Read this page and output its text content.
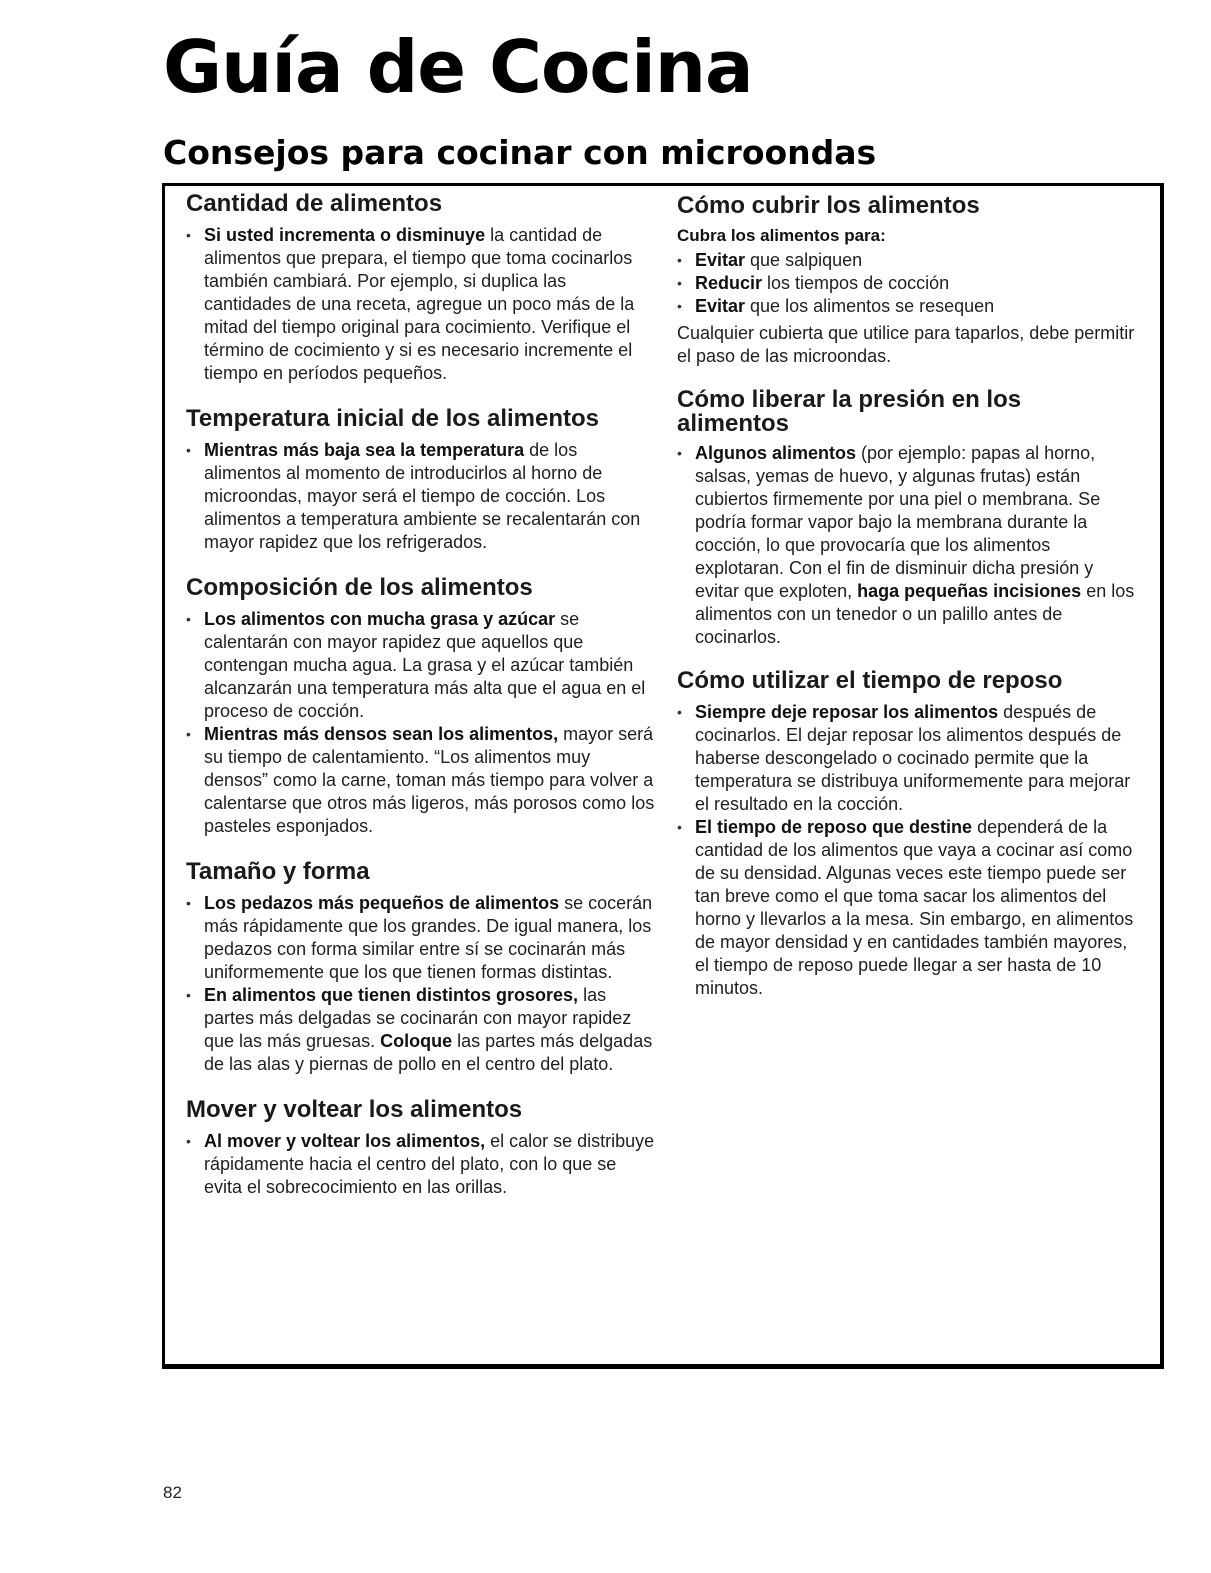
Guía de Cocina
Consejos para cocinar con microondas
Cantidad de alimentos
• Si usted incrementa o disminuye la cantidad de alimentos que prepara, el tiempo que toma cocinarlos también cambiará. Por ejemplo, si duplica las cantidades de una receta, agregue un poco más de la mitad del tiempo original para cocimiento. Verifique el término de cocimiento y si es necesario incremente el tiempo en períodos pequeños.
Temperatura inicial de los alimentos
• Mientras más baja sea la temperatura de los alimentos al momento de introducirlos al horno de microondas, mayor será el tiempo de cocción. Los alimentos a temperatura ambiente se recalentarán con mayor rapidez que los refrigerados.
Composición de los alimentos
• Los alimentos con mucha grasa y azúcar se calentarán con mayor rapidez que aquellos que contengan mucha agua. La grasa y el azúcar también alcanzarán una temperatura más alta que el agua en el proceso de cocción.
• Mientras más densos sean los alimentos, mayor será su tiempo de calentamiento. “Los alimentos muy densos” como la carne, toman más tiempo para volver a calentarse que otros más ligeros, más porosos como los pasteles esponjados.
Tamaño y forma
• Los pedazos más pequeños de alimentos se cocerán más rápidamente que los grandes. De igual manera, los pedazos con forma similar entre sí se cocinarán más uniformemente que los que tienen formas distintas.
• En alimentos que tienen distintos grosores, las partes más delgadas se cocinarán con mayor rapidez que las más gruesas. Coloque las partes más delgadas de las alas y piernas de pollo en el centro del plato.
Mover y voltear los alimentos
• Al mover y voltear los alimentos, el calor se distribuye rápidamente hacia el centro del plato, con lo que se evita el sobrecocimiento en las orillas.
Cómo cubrir los alimentos

Cubra los alimentos para:

• Evitar que salpiquen
• Reducir los tiempos de cocción
• Evitar que los alimentos se resequen

Cualquier cubierta que utilice para taparlos, debe permitir el paso de las microondas.

Cómo liberar la presión en los alimentos
• Algunos alimentos (por ejemplo: papas al horno, salsas, yemas de huevo, y algunas frutas) están cubiertos firmemente por una piel o membrana. Se podría formar vapor bajo la membrana durante la cocción, lo que provocaría que los alimentos explotaran. Con el fin de disminuir dicha presión y evitar que exploten, haga pequeñas incisiones en los alimentos con un tenedor o un palillo antes de cocinarlos.
Cómo utilizar el tiempo de reposo
• Siempre deje reposar los alimentos después de cocinarlos. El dejar reposar los alimentos después de haberse descongelado o cocinado permite que la temperatura se distribuya uniformemente para mejorar el resultado en la cocción.
• El tiempo de reposo que destine dependerá de la cantidad de los alimentos que vaya a cocinar así como de su densidad. Algunas veces este tiempo puede ser tan breve como el que toma sacar los alimentos del horno y llevarlos a la mesa. Sin embargo, en alimentos de mayor densidad y en cantidades también mayores, el tiempo de reposo puede llegar a ser hasta de 10 minutos.
82
